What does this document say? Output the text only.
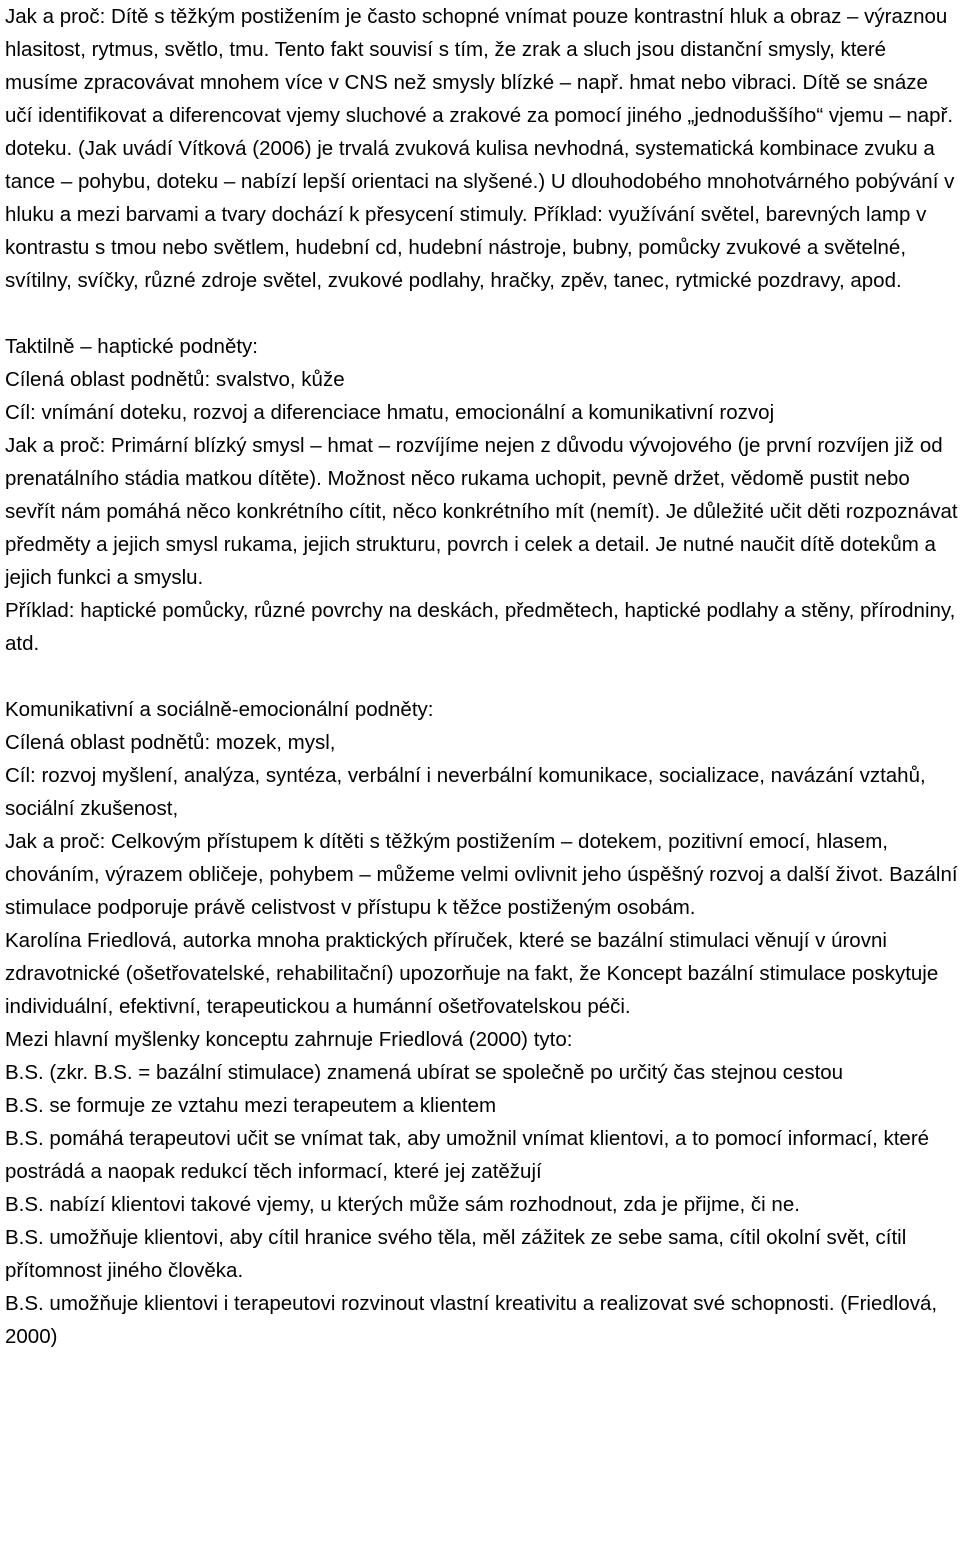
Jak a proč: Dítě s těžkým postižením je často schopné vnímat pouze kontrastní hluk a obraz – výraznou hlasitost, rytmus, světlo, tmu. Tento fakt souvisí s tím, že zrak a sluch jsou distanční smysly, které musíme zpracovávat mnohem více v CNS než smysly blízké – např. hmat nebo vibraci. Dítě se snáze učí identifikovat a diferencovat vjemy sluchové a zrakové za pomocí jiného „jednoduššího“ vjemu – např. doteku. (Jak uvádí Vítková (2006) je trvalá zvuková kulisa nevhodná, systematická kombinace zvuku a tance – pohybu, doteku – nabízí lepší orientaci na slyšené.) U dlouhodobého mnohotvárného pobývání v hluku a mezi barvami a tvary dochází k přesycení stimuly. Příklad: využívání světel, barevných lamp v kontrastu s tmou nebo světlem, hudební cd, hudební nástroje, bubny, pomůcky zvukové a světelné, svítilny, svíčky, různé zdroje světel, zvukové podlahy, hračky, zpěv, tanec, rytmické pozdravy, apod.

Taktilně – haptické podněty:

Cílená oblast podnětů: svalstvo, kůže

Cíl: vnímání doteku, rozvoj a diferenciace hmatu, emocionální a komunikativní rozvoj

Jak a proč: Primární blízký smysl – hmat – rozvíjíme nejen z důvodu vývojového (je první rozvíjen již od prenatálního stádia matkou dítěte). Možnost něco rukama uchopit, pevně držet, vědomě pustit nebo sevřít nám pomáhá něco konkrétního cítit, něco konkrétního mít (nemít). Je důležité učit děti rozpoznávat předměty a jejich smysl rukama, jejich strukturu, povrch i celek a detail. Je nutné naučit dítě dotekům a jejich funkci a smyslu.

Příklad: haptické pomůcky, různé povrchy na deskách, předmětech, haptické podlahy a stěny, přírodniny, atd.

Komunikativní a sociálně-emocionální podněty:

Cílená oblast podnětů: mozek, mysl,

Cíl: rozvoj myšlení, analýza, syntéza, verbální i neverbální komunikace, socializace, navázání vztahů, sociální zkušenost,

Jak a proč: Celkovým přístupem k dítěti s těžkým postižením – dotekem, pozitivní emocí, hlasem, chováním, výrazem obličeje, pohybem – můžeme velmi ovlivnit jeho úspěšný rozvoj a další život. Bazální stimulace podporuje právě celistvost v přístupu k těžce postiženým osobám.

Karolína Friedlová, autorka mnoha praktických příruček, které se bazální stimulaci věnují v úrovni zdravotnické (ošetřovatelské, rehabilitační) upozorňuje na fakt, že Koncept bazální stimulace poskytuje individuální, efektivní, terapeutickou a humánní ošetřovatelskou péči.

Mezi hlavní myšlenky konceptu zahrnuje Friedlová (2000) tyto:

B.S. (zkr. B.S. = bazální stimulace) znamená ubírat se společně po určitý čas stejnou cestou

B.S. se formuje ze vztahu mezi terapeutem a klientem

B.S. pomáhá terapeutovi učit se vnímat tak, aby umožnil vnímat klientovi, a to pomocí informací, které postrádá a naopak redukcí těch informací, které jej zatěžují

B.S. nabízí klientovi takové vjemy, u kterých může sám rozhodnout, zda je přijme, či ne.

B.S. umožňuje klientovi, aby cítil hranice svého těla, měl zážitek ze sebe sama, cítil okolní svět, cítil přítomnost jiného člověka.

B.S. umožňuje klientovi i terapeutovi rozvinout vlastní kreativitu a realizovat své schopnosti. (Friedlová, 2000)
